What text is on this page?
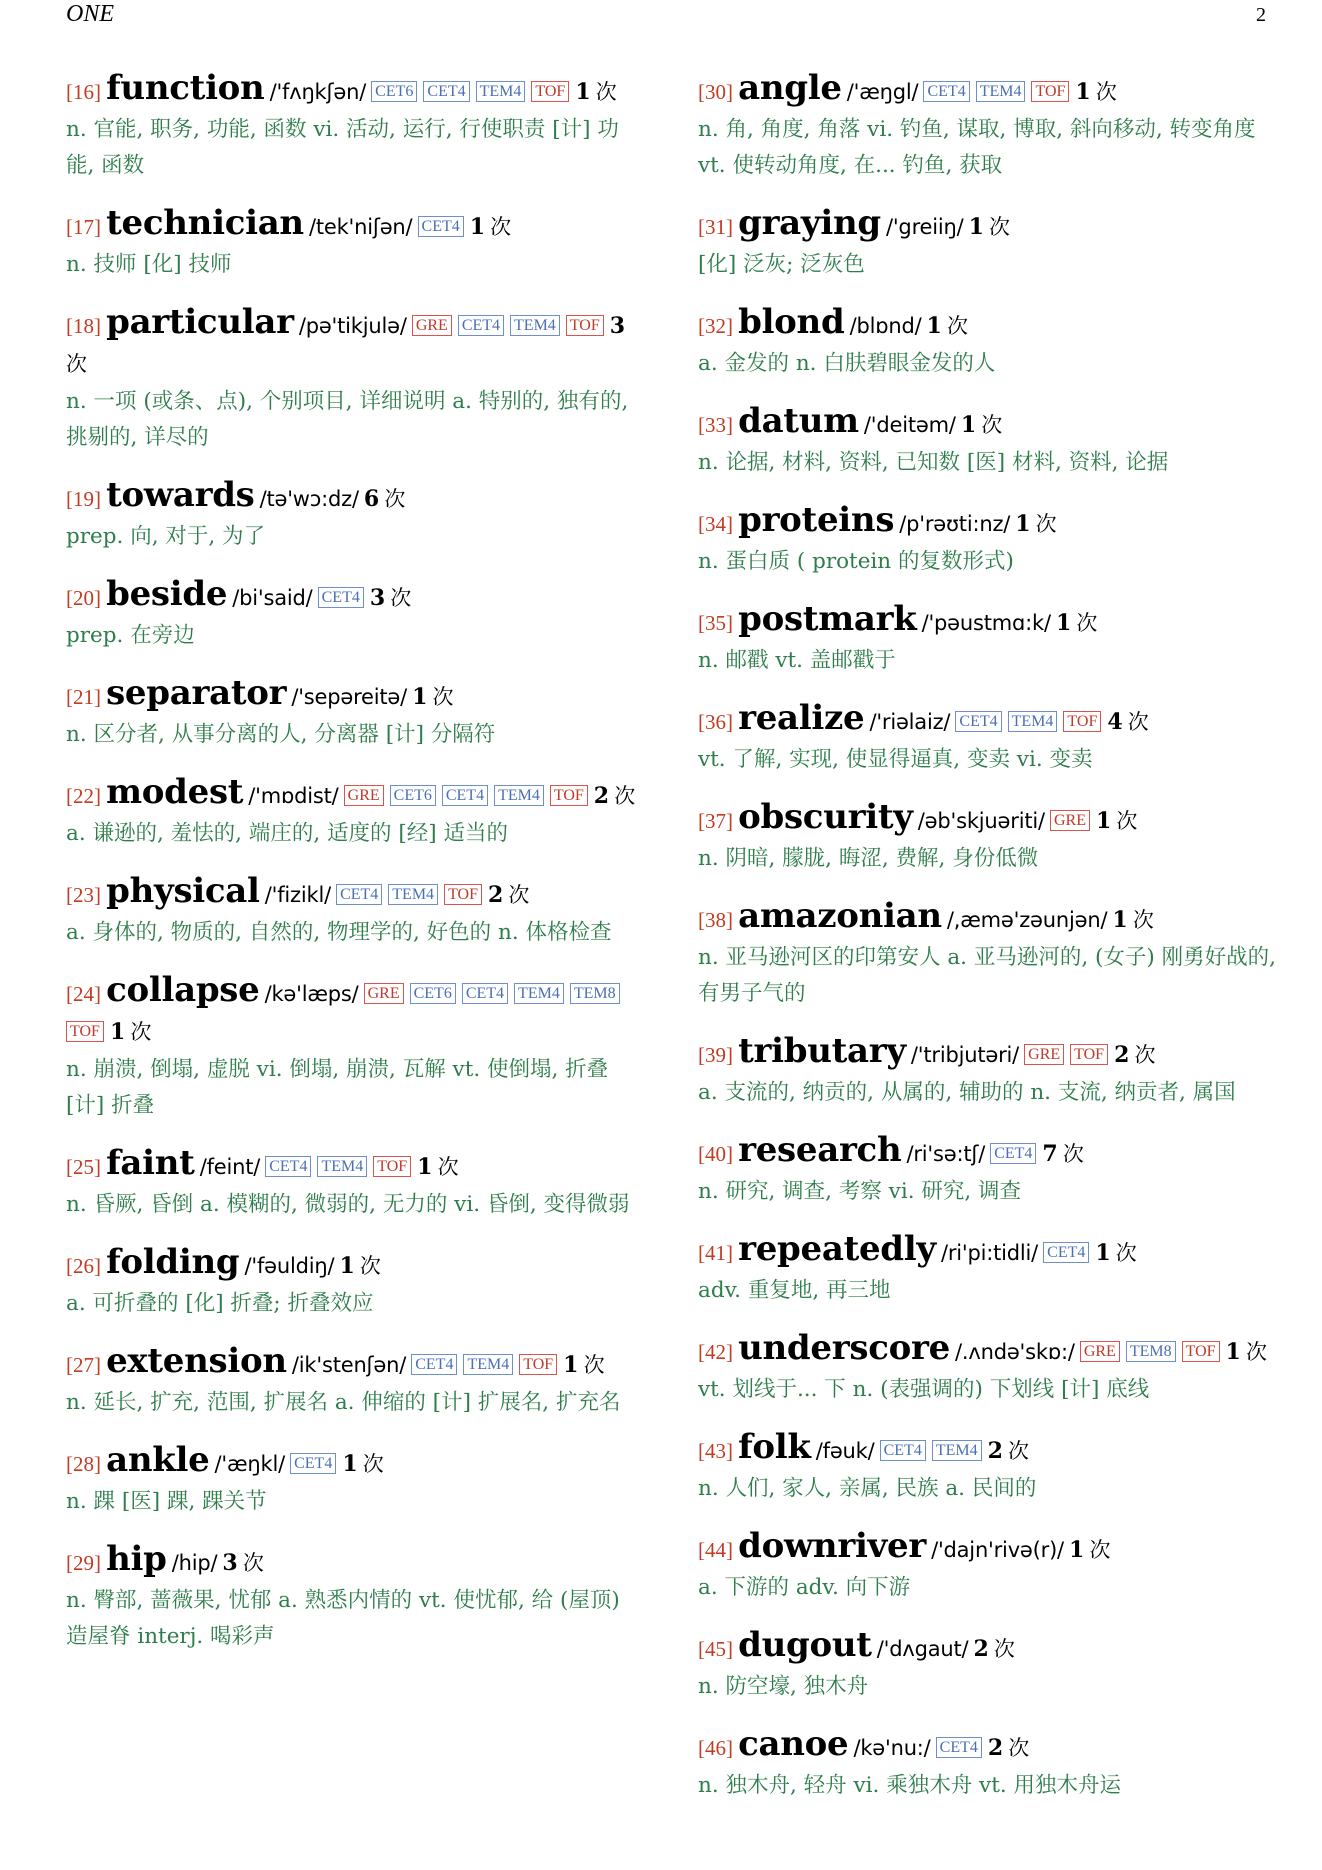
ONE	2
[16] function /'fʌŋkʃən/ CET6 CET4 TEM4 TOF 1 次
n. 官能, 职务, 功能, 函数 vi. 活动, 运行, 行使职责 [计] 功能, 函数
[17] technician /tek'niʃən/ CET4 1 次
n. 技师 [化] 技师
[18] particular /pə'tikjulə/ GRE CET4 TEM4 TOF 3 次
n. 一项 (或条、点), 个别项目, 详细说明 a. 特别的, 独有的, 挑剔的, 详尽的
[19] towards /tə'wɔ:dz/ 6 次
prep. 向, 对于, 为了
[20] beside /bi'said/ CET4 3 次
prep. 在旁边
[21] separator /'sepəreitə/ 1 次
n. 区分者, 从事分离的人, 分离器 [计] 分隔符
[22] modest /'mɒdist/ GRE CET6 CET4 TEM4 TOF 2 次
a. 谦逊的, 羞怯的, 端庄的, 适度的 [经] 适当的
[23] physical /'fizikl/ CET4 TEM4 TOF 2 次
a. 身体的, 物质的, 自然的, 物理学的, 好色的 n. 体格检查
[24] collapse /kə'læps/ GRE CET6 CET4 TEM4 TEM8TOF 1 次
n. 崩溃, 倒塌, 虚脱 vi. 倒塌, 崩溃, 瓦解 vt. 使倒塌, 折叠 [计] 折叠
[25] faint /feint/ CET4 TEM4 TOF 1 次
n. 昏厥, 昏倒 a. 模糊的, 微弱的, 无力的 vi. 昏倒, 变得微弱
[26] folding /'fəuldiŋ/ 1 次
a. 可折叠的 [化] 折叠; 折叠效应
[27] extension /ik'stenʃən/ CET4 TEM4 TOF 1 次
n. 延长, 扩充, 范围, 扩展名 a. 伸缩的 [计] 扩展名, 扩充名
[28] ankle /'æŋkl/ CET4 1 次
n. 踝 [医] 踝, 踝关节
[29] hip /hip/ 3 次
n. 臀部, 蔷薇果, 忧郁 a. 熟悉内情的 vt. 使忧郁, 给 (屋顶) 造屋脊 interj. 喝彩声
[30] angle /'æŋgl/ CET4 TEM4 TOF 1 次
n. 角, 角度, 角落 vi. 钓鱼, 谋取, 博取, 斜向移动, 转变角度 vt. 使转动角度, 在... 钓鱼, 获取
[31] graying /'greiiŋ/ 1 次
[化] 泛灰; 泛灰色
[32] blond /blɒnd/ 1 次
a. 金发的 n. 白肤碧眼金发的人
[33] datum /'deitəm/ 1 次
n. 论据, 材料, 资料, 已知数 [医] 材料, 资料, 论据
[34] proteins /p'rəʊti:nz/ 1 次
n. 蛋白质 ( protein 的复数形式)
[35] postmark /'pəustmɑ:k/ 1 次
n. 邮戳 vt. 盖邮戳于
[36] realize /'riəlaiz/ CET4 TEM4 TOF 4 次
vt. 了解, 实现, 使显得逼真, 变卖 vi. 变卖
[37] obscurity /əb'skjuəriti/ GRE 1 次
n. 阴暗, 朦胧, 晦涩, 费解, 身份低微
[38] amazonian /,æmə'zəunjən/ 1 次
n. 亚马逊河区的印第安人 a. 亚马逊河的, (女子) 刚勇好战的, 有男子气的
[39] tributary /'tribjutəri/ GRE TOF 2 次
a. 支流的, 纳贡的, 从属的, 辅助的 n. 支流, 纳贡者, 属国
[40] research /ri'sə:tʃ/ CET4 7 次
n. 研究, 调查, 考察 vi. 研究, 调查
[41] repeatedly /ri'pi:tidli/ CET4 1 次
adv. 重复地, 再三地
[42] underscore /.ʌndə'skɒ:/ GRE TEM8 TOF 1 次
vt. 划线于... 下 n. (表强调的) 下划线 [计] 底线
[43] folk /fəuk/ CET4 TEM4 2 次
n. 人们, 家人, 亲属, 民族 a. 民间的
[44] downriver /'dajn'rivə(r)/ 1 次
a. 下游的 adv. 向下游
[45] dugout /'dʌgaut/ 2 次
n. 防空壕, 独木舟
[46] canoe /kə'nu:/ CET4 2 次
n. 独木舟, 轻舟 vi. 乘独木舟 vt. 用独木舟运
